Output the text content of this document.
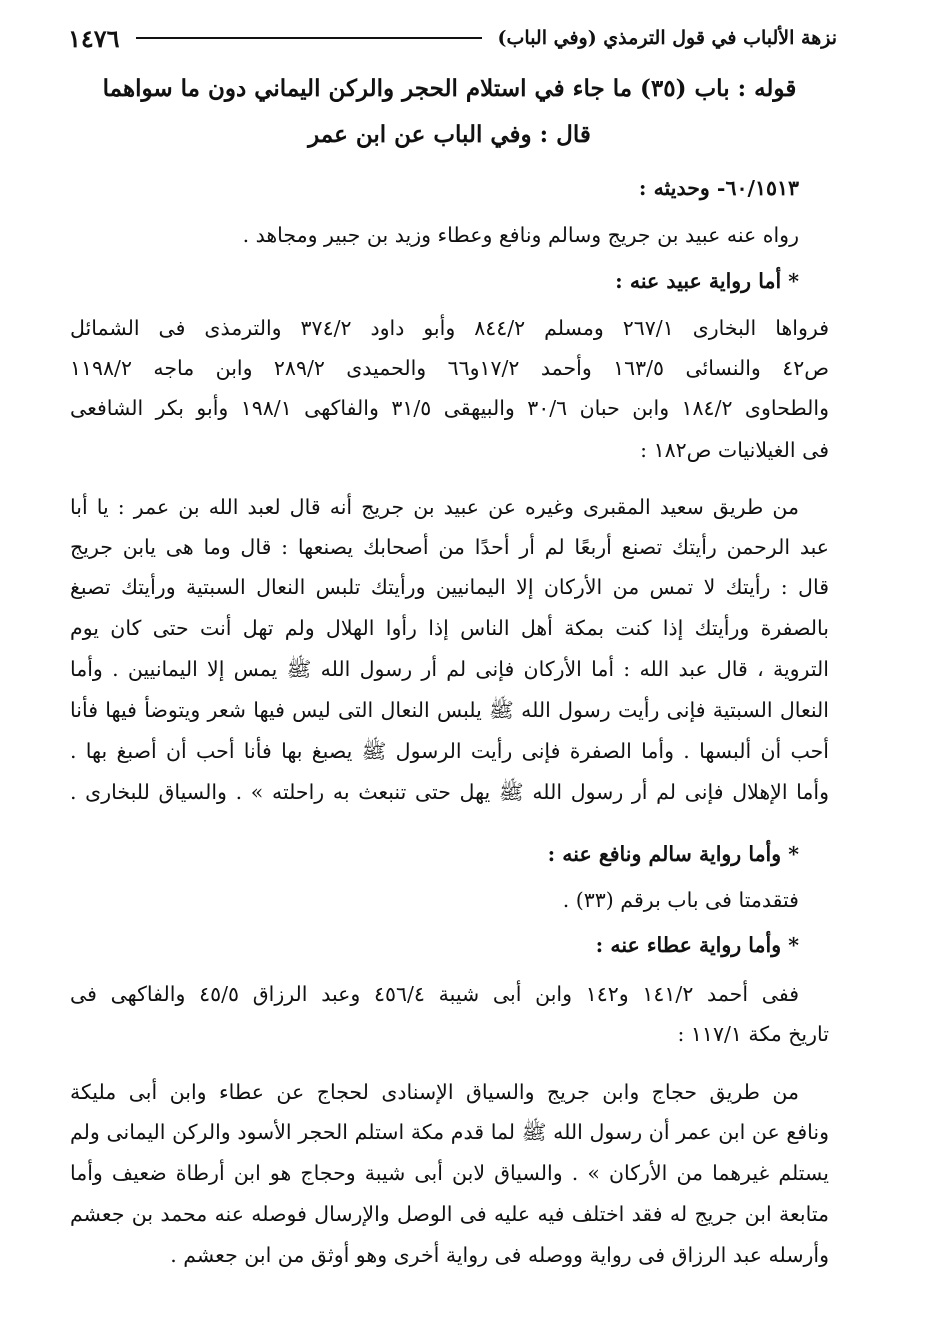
نزهة الألباب في قول الترمذي (وفي الباب)
١٤٧٦
قوله : باب (٣٥) ما جاء في استلام الحجر والركن اليماني دون ما سواهما
قال : وفي الباب عن ابن عمر
٦٠/١٥١٣- وحديثه :
رواه عنه عبيد بن جريج وسالم ونافع وعطاء وزيد بن جبير ومجاهد .
* أما رواية عبيد عنه :
فرواها البخارى ٢٦٧/١ ومسلم ٨٤٤/٢ وأبو داود ٣٧٤/٢ والترمذى فى الشمائل
ص٤٢ والنسائى ١٦٣/٥ وأحمد ١٧/٢و٦٦ والحميدى ٢٨٩/٢ وابن ماجه ١١٩٨/٢
والطحاوى ١٨٤/٢ وابن حبان ٣٠/٦ والبيهقى ٣١/٥ والفاكهى ١٩٨/١ وأبو بكر الشافعى
فى الغيلانيات ص١٨٢ :
من طريق سعيد المقبرى وغيره عن عبيد بن جريج أنه قال لعبد الله بن عمر : يا أبا
عبد الرحمن رأيتك تصنع أربعًا لم أر أحدًا من أصحابك يصنعها : قال وما هى يابن جريج
قال : رأيتك لا تمس من الأركان إلا اليمانيين ورأيتك تلبس النعال السبتية ورأيتك تصبغ
بالصفرة ورأيتك إذا كنت بمكة أهل الناس إذا رأوا الهلال ولم تهل أنت حتى كان يوم
التروية ، قال عبد الله : أما الأركان فإنى لم أر رسول الله ﷺ يمس إلا اليمانيين . وأما
النعال السبتية فإنى رأيت رسول الله ﷺ يلبس النعال التى ليس فيها شعر ويتوضأ فيها فأنا
أحب أن ألبسها . وأما الصفرة فإنى رأيت الرسول ﷺ يصبغ بها فأنا أحب أن أصبغ بها .
وأما الإهلال فإنى لم أر رسول الله ﷺ يهل حتى تنبعث به راحلته » . والسياق للبخارى .
* وأما رواية سالم ونافع عنه :
فتقدمتا فى باب برقم (٣٣) .
* وأما رواية عطاء عنه :
ففى أحمد ١٤١/٢ و١٤٢ وابن أبى شيبة ٤٥٦/٤ وعبد الرزاق ٤٥/٥ والفاكهى فى
تاريخ مكة ١١٧/١ :
من طريق حجاج وابن جريج والسياق الإسنادى لحجاج عن عطاء وابن أبى مليكة
ونافع عن ابن عمر أن رسول الله ﷺ لما قدم مكة استلم الحجر الأسود والركن اليمانى ولم
يستلم غيرهما من الأركان » . والسياق لابن أبى شيبة وحجاج هو ابن أرطاة ضعيف وأما
متابعة ابن جريج له فقد اختلف فيه عليه فى الوصل والإرسال فوصله عنه محمد بن جعشم
وأرسله عبد الرزاق فى رواية ووصله فى رواية أخرى وهو أوثق من ابن جعشم .
